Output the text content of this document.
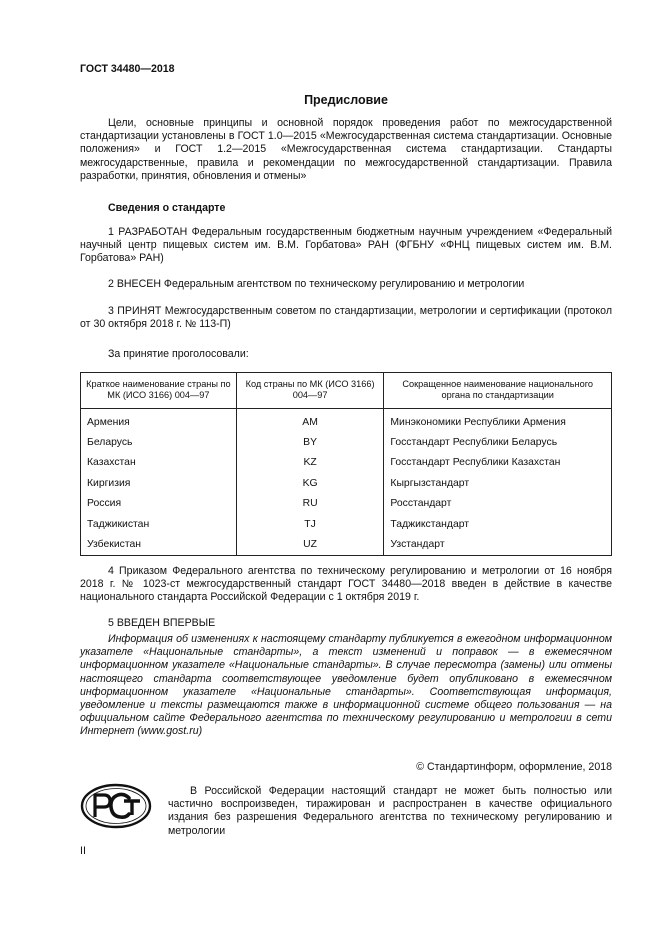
ГОСТ 34480—2018
Предисловие

Цели, основные принципы и основной порядок проведения работ по межгосударственной стандартизации установлены в ГОСТ 1.0—2015 «Межгосударственная система стандартизации. Основные положения» и ГОСТ 1.2—2015 «Межгосударственная система стандартизации. Стандарты межгосударственные, правила и рекомендации по межгосударственной стандартизации. Правила разработки, принятия, обновления и отмены»

Сведения о стандарте

1 РАЗРАБОТАН Федеральным государственным бюджетным научным учреждением «Федеральный научный центр пищевых систем им. В.М. Горбатова» РАН (ФГБНУ «ФНЦ пищевых систем им. В.М. Горбатова» РАН)

2 ВНЕСЕН Федеральным агентством по техническому регулированию и метрологии

3 ПРИНЯТ Межгосударственным советом по стандартизации, метрологии и сертификации (протокол от 30 октября 2018 г. № 113-П)

За принятие проголосовали:
Краткое наименование страны по МК (ИСО 3166) 004—97	Код страны по МК (ИСО 3166) 004—97	Сокращенное наименование национального органа по стандартизации
Армения	AM	Минэкономики Республики Армения
Беларусь	BY	Госстандарт Республики Беларусь
Казахстан	KZ	Госстандарт Республики Казахстан
Киргизия	KG	Кыргызстандарт
Россия	RU	Росстандарт
Таджикистан	TJ	Таджикстандарт
Узбекистан	UZ	Узстандарт

4 Приказом Федерального агентства по техническому регулированию и метрологии от 16 ноября 2018 г. № 1023-ст межгосударственный стандарт ГОСТ 34480—2018 введен в действие в качестве национального стандарта Российской Федерации с 1 октября 2019 г.

5 ВВЕДЕН ВПЕРВЫЕ

Информация об изменениях к настоящему стандарту публикуется в ежегодном информационном указателе «Национальные стандарты», а текст изменений и поправок — в ежемесячном информационном указателе «Национальные стандарты». В случае пересмотра (замены) или отмены настоящего стандарта соответствующее уведомление будет опубликовано в ежемесячном информационном указателе «Национальные стандарты». Соответствующая информация, уведомление и тексты размещаются также в информационной системе общего пользования — на официальном сайте Федерального агентства по техническому регулированию и метрологии в сети Интернет (www.gost.ru)

© Стандартинформ, оформление, 2018

В Российской Федерации настоящий стандарт не может быть полностью или частично воспроизведен, тиражирован и распространен в качестве официального издания без разрешения Федерального агентства по техническому регулированию и метрологии

II
